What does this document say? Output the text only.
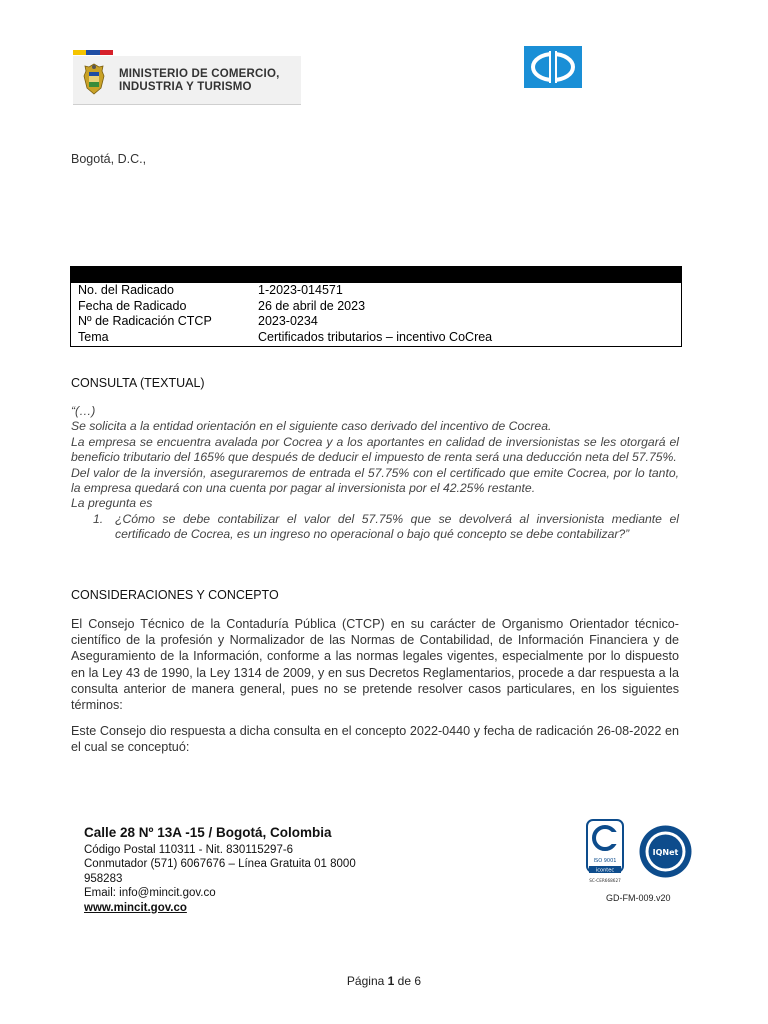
MINISTERIO DE COMERCIO,
INDUSTRIA Y TURISMO
Bogotá, D.C.,
No. del Radicado	1-2023-014571
Fecha de Radicado	26 de abril de 2023
Nº de Radicación CTCP	2023-0234
Tema	Certificados tributarios – incentivo CoCrea
CONSULTA (TEXTUAL)

“(…)

Se solicita a la entidad orientación en el siguiente caso derivado del incentivo de Cocrea.

La empresa se encuentra avalada por Cocrea y a los aportantes en calidad de inversionistas se les otorgará el beneficio tributario del 165% que después de deducir el impuesto de renta será una deducción neta del 57.75%.

Del valor de la inversión, aseguraremos de entrada el 57.75% con el certificado que emite Cocrea, por lo tanto, la empresa quedará con una cuenta por pagar al inversionista por el 42.25% restante.

La pregunta es

1. ¿Cómo se debe contabilizar el valor del 57.75% que se devolverá al inversionista mediante el certificado de Cocrea, es un ingreso no operacional o bajo qué concepto se debe contabilizar?”
CONSIDERACIONES Y CONCEPTO
El Consejo Técnico de la Contaduría Pública (CTCP) en su carácter de Organismo Orientador técnico-científico de la profesión y Normalizador de las Normas de Contabilidad, de Información Financiera y de Aseguramiento de la Información, conforme a las normas legales vigentes, especialmente por lo dispuesto en la Ley 43 de 1990, la Ley 1314 de 2009, y en sus Decretos Reglamentarios, procede a dar respuesta a la consulta anterior de manera general, pues no se pretende resolver casos particulares, en los siguientes términos:
Este Consejo dio respuesta a dicha consulta en el concepto 2022-0440 y fecha de radicación 26-08-2022 en el cual se conceptuó:
Calle 28 Nº 13A -15 / Bogotá, Colombia
Código Postal 110311 - Nit. 830115297-6
Conmutador (571) 6067676 – Línea Gratuita 01 8000
958283
Email: info@mincit.gov.co
www.mincit.gov.co
ISO 9001
icontec
SC-CER668627
IQNet
GD-FM-009.v20
Página 1 de 6
